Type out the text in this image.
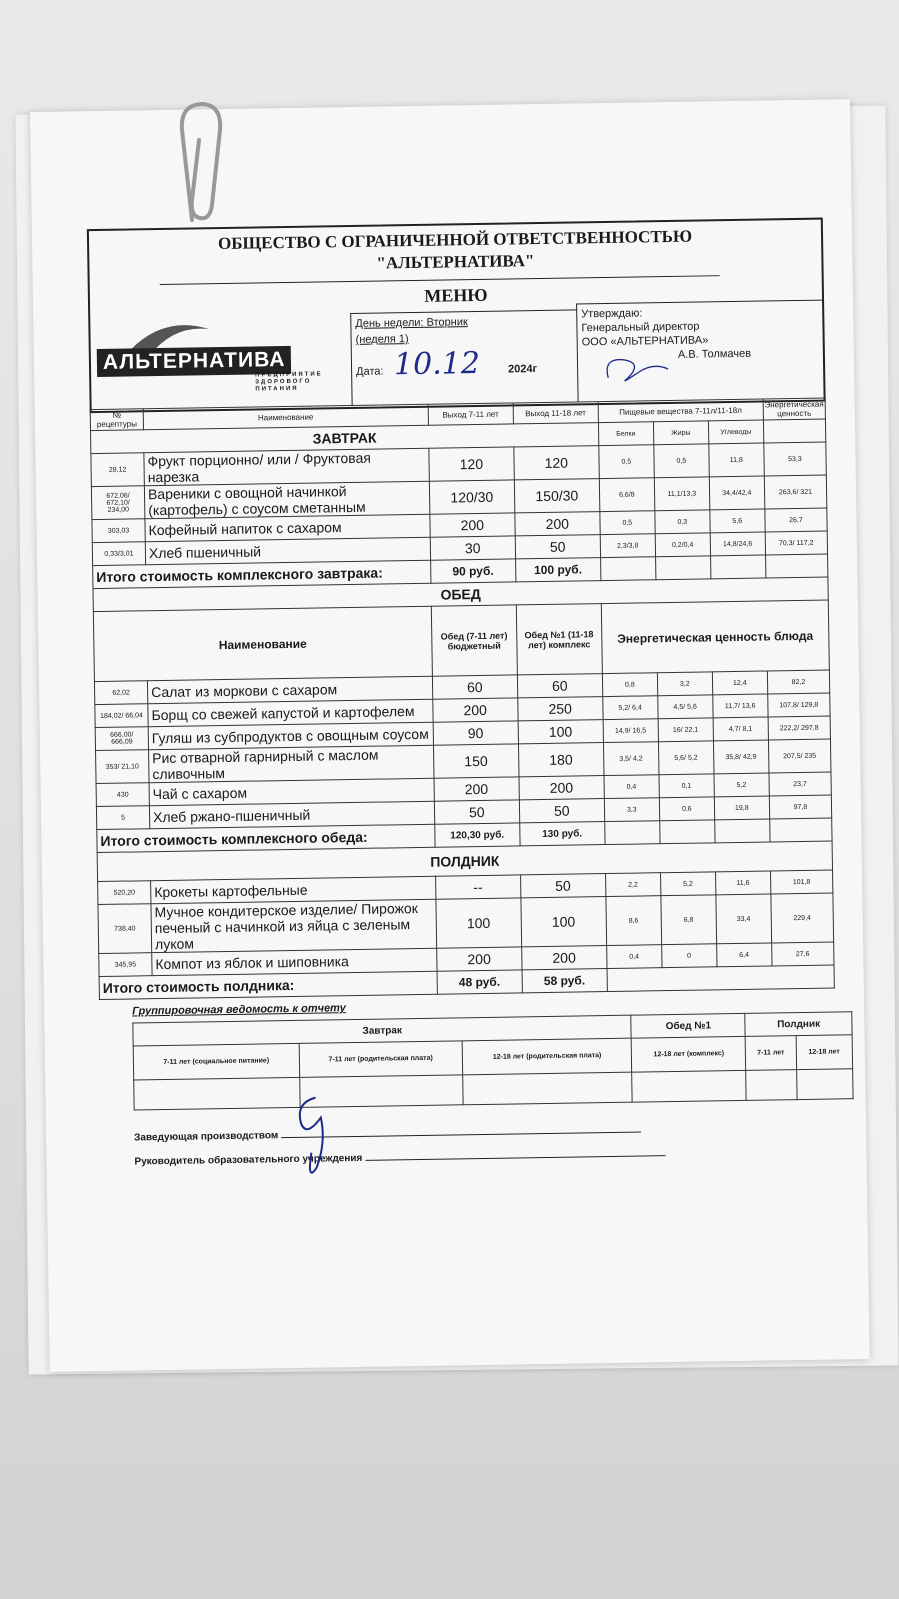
ОБЩЕСТВО С ОГРАНИЧЕННОЙ ОТВЕТСТВЕННОСТЬЮ
"АЛЬТЕРНАТИВА"
МЕНЮ
АЛЬТЕРНАТИВА
ПРЕДПРИЯТИЕ ЗДОРОВОГО ПИТАНИЯ
День недели: Вторник
(неделя 1)
Дата: 10.12	2024г
Утверждаю:
Генеральный директор
ООО «АЛЬТЕРНАТИВА»
А.В. Толмачев
№ рецептуры	Наименование	Выход 7-11 лет	Выход 11-18 лет	Пищевые вещества 7-11л/11-18л			Энергетическая ценность
ЗАВТРАК				Белки	Жиры	Углеводы	
28,12	Фрукт порционно/ или / Фруктовая нарезка	120	120	0,5	0,5	11,8	53,3
672,06/ 672,10/ 234,00	Вареники с овощной начинкой (картофель) с соусом сметанным	120/30	150/30	6,6/8	11,1/13,3	34,4/42,4	263,6/ 321
303,03	Кофейный напиток с сахаром	200	200	0,5	0,3	5,6	26,7
0,33/3,01	Хлеб пшеничный	30	50	2,3/3,8	0,2/0,4	14,8/24,6	70,3/ 117,2
Итого стоимость комплексного завтрака:		90 руб.	100 руб.				
ОБЕД							
Наименование		Обед (7-11 лет) бюджетный	Обед №1 (11-18 лет) комплекс	Энергетическая ценность блюда			
62,02	Салат из моркови с сахаром	60	60	0,8	3,2	12,4	82,2
184,02/ 66,04	Борщ со свежей капустой и картофелем	200	250	5,2/ 6,4	4,5/ 5,6	11,7/ 13,6	107,8/ 129,8
666,00/ 666,09	Гуляш из субпродуктов с овощным соусом	90	100	14,9/ 16,5	16/ 22,1	4,7/ 8,1	222,2/ 297,8
353/ 21,10	Рис отварной гарнирный с маслом сливочным	150	180	3,5/ 4,2	5,6/ 5,2	35,8/ 42,9	207,5/ 235
430	Чай с сахаром	200	200	0,4	0,1	5,2	23,7
5	Хлеб ржано-пшеничный	50	50	3,3	0,6	19,8	97,8
Итого стоимость комплексного обеда:		120,30 руб.	130 руб.				
ПОЛДНИК							
520,20	Крокеты картофельные	--	50	2,2	5,2	11,6	101,8
738,40	Мучное кондитерское изделие/ Пирожок печеный с начинкой из яйца с зеленым луком	100	100	8,6	6,8	33,4	229,4
345,95	Компот из яблок и шиповника	200	200	0,4	0	6,4	27,6
Итого стоимость полдника:		48 руб.	58 руб.				
Группировочная ведомость к отчету
Завтрак			Обед №1	Полдник	
7-11 лет (социальное питание)	7-11 лет (родительская плата)	12-18 лет (родительская плата)	12-18 лет (комплекс)	7-11 лет	12-18 лет

Заведующая производством
Руководитель образовательного учреждения
